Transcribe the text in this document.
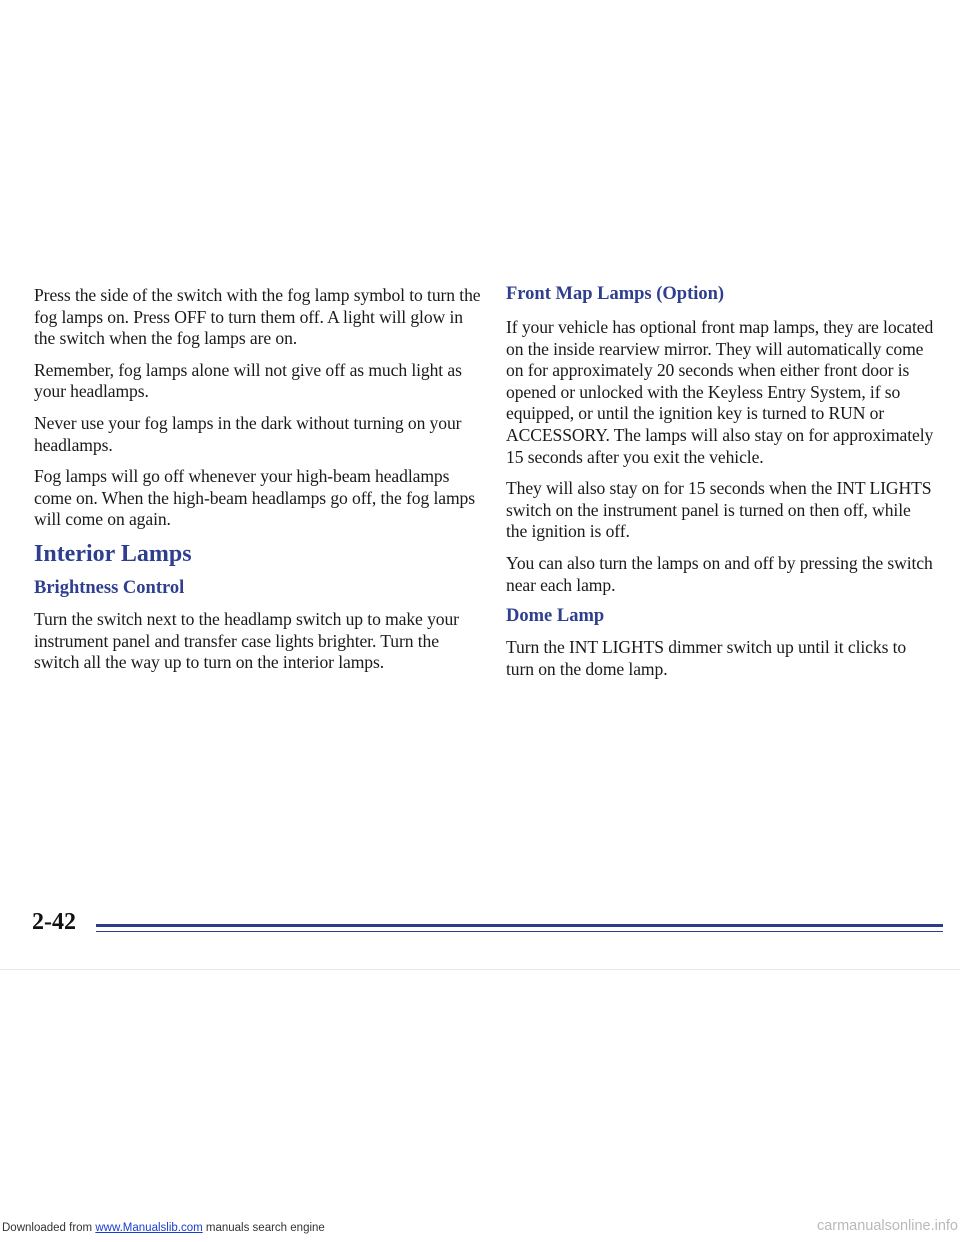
Press the side of the switch with the fog lamp symbol to turn the fog lamps on. Press OFF to turn them off. A light will glow in the switch when the fog lamps are on.

Remember, fog lamps alone will not give off as much light as your headlamps.

Never use your fog lamps in the dark without turning on your headlamps.

Fog lamps will go off whenever your high-beam headlamps come on. When the high-beam headlamps go off, the fog lamps will come on again.

Interior Lamps
Brightness Control

Turn the switch next to the headlamp switch up to make your instrument panel and transfer case lights brighter. Turn the switch all the way up to turn on the interior lamps.

Front Map Lamps (Option)

If your vehicle has optional front map lamps, they are located on the inside rearview mirror. They will automatically come on for approximately 20 seconds when either front door is opened or unlocked with the Keyless Entry System, if so equipped, or until the ignition key is turned to RUN or ACCESSORY. The lamps will also stay on for approximately 15 seconds after you exit the vehicle.

They will also stay on for 15 seconds when the INT LIGHTS switch on the instrument panel is turned on then off, while the ignition is off.

You can also turn the lamps on and off by pressing the switch near each lamp.

Dome Lamp

Turn the INT LIGHTS dimmer switch up until it clicks to turn on the dome lamp.

2-42
Downloaded from www.Manualslib.com manuals search engine	carmanualsonline.info
